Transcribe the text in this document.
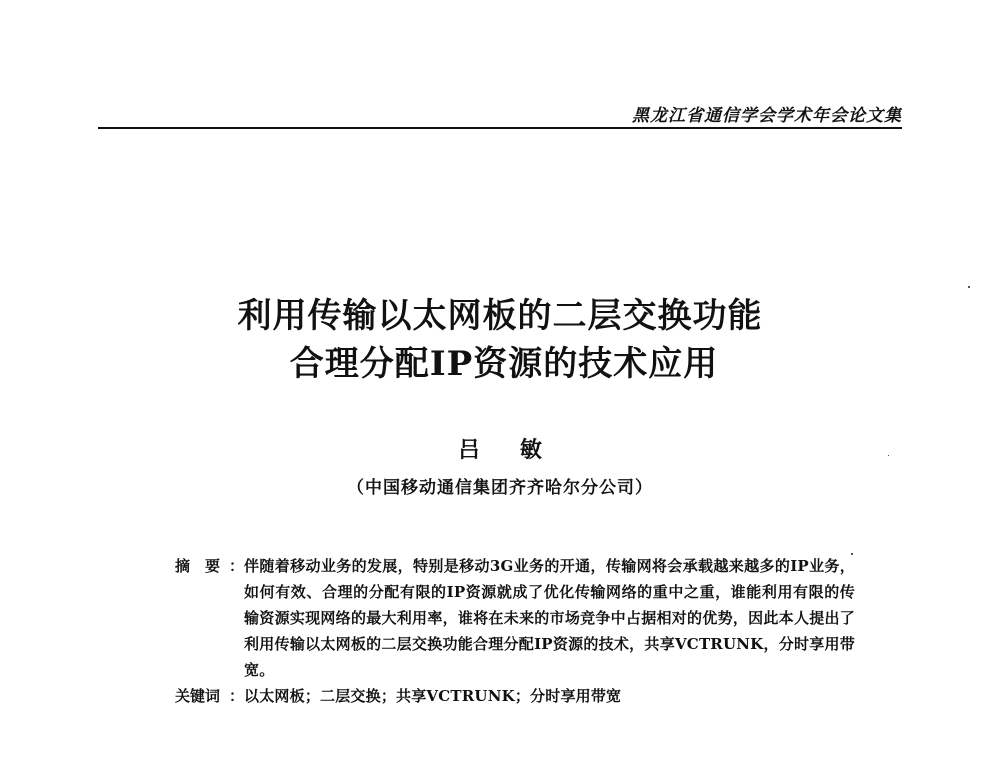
黑龙江省通信学会学术年会论文集
利用传输以太网板的二层交换功能
合理分配IP资源的技术应用
吕 敏
（中国移动通信集团齐齐哈尔分公司）
摘　要 ： 伴随着移动业务的发展，特别是移动3G业务的开通，传输网将会承载越来越多的IP业务，如何有效、合理的分配有限的IP资源就成了优化传输网络的重中之重，谁能利用有限的传输资源实现网络的最大利用率，谁将在未来的市场竞争中占据相对的优势，因此本人提出了利用传输以太网板的二层交换功能合理分配IP资源的技术，共享VCTRUNK，分时享用带宽。
关键词 ： 以太网板；二层交换；共享VCTRUNK；分时享用带宽
